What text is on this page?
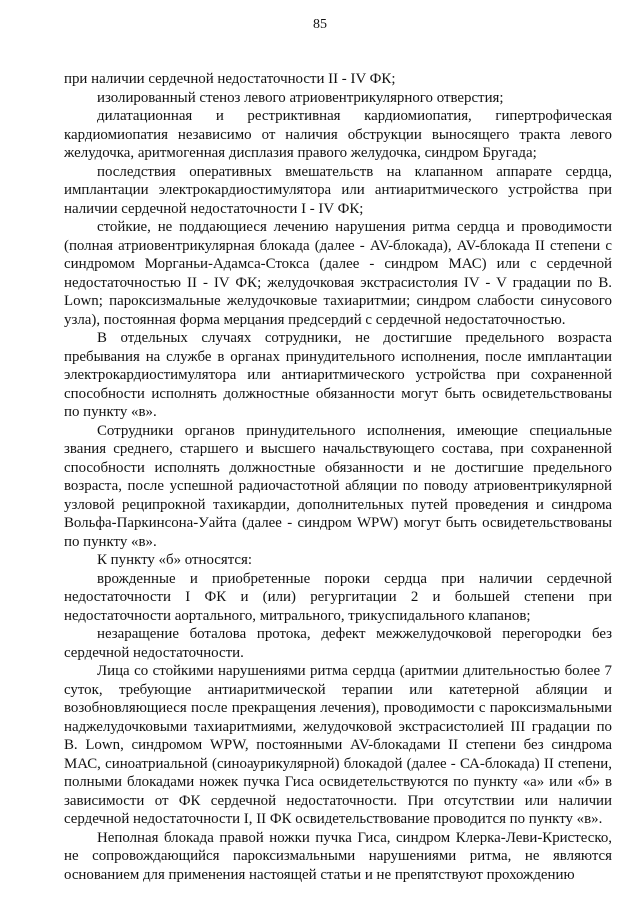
85

при наличии сердечной недостаточности II - IV ФК;

изолированный стеноз левого атриовентрикулярного отверстия;

дилатационная и рестриктивная кардиомиопатия, гипертрофическая кардиомиопатия независимо от наличия обструкции выносящего тракта левого желудочка, аритмогенная дисплазия правого желудочка, синдром Бругада;

последствия оперативных вмешательств на клапанном аппарате сердца, имплантации электрокардиостимулятора или антиаритмического устройства при наличии сердечной недостаточности I - IV ФК;

стойкие, не поддающиеся лечению нарушения ритма сердца и проводимости (полная атриовентрикулярная блокада (далее - AV-блокада), AV-блокада II степени с синдромом Морганьи-Адамса-Стокса (далее - синдром МАС) или с сердечной недостаточностью II - IV ФК; желудочковая экстрасистолия IV - V градации по В. Lown; пароксизмальные желудочковые тахиаритмии; синдром слабости синусового узла), постоянная форма мерцания предсердий с сердечной недостаточностью.

В отдельных случаях сотрудники, не достигшие предельного возраста пребывания на службе в органах принудительного исполнения, после имплантации электрокардиостимулятора или антиаритмического устройства при сохраненной способности исполнять должностные обязанности могут быть освидетельствованы по пункту «в».

Сотрудники органов принудительного исполнения, имеющие специальные звания среднего, старшего и высшего начальствующего состава, при сохраненной способности исполнять должностные обязанности и не достигшие предельного возраста, после успешной радиочастотной абляции по поводу атриовентрикулярной узловой реципрокной тахикардии, дополнительных путей проведения и синдрома Вольфа-Паркинсона-Уайта (далее - синдром WPW) могут быть освидетельствованы по пункту «в».

К пункту «б» относятся:

врожденные и приобретенные пороки сердца при наличии сердечной недостаточности I ФК и (или) регургитации 2 и большей степени при недостаточности аортального, митрального, трикуспидального клапанов;

незаращение боталова протока, дефект межжелудочковой перегородки без сердечной недостаточности.

Лица со стойкими нарушениями ритма сердца (аритмии длительностью более 7 суток, требующие антиаритмической терапии или катетерной абляции и возобновляющиеся после прекращения лечения), проводимости с пароксизмальными наджелудочковыми тахиаритмиями, желудочковой экстрасистолией III градации по В. Lown, синдромом WPW, постоянными AV-блокадами II степени без синдрома МАС, синоатриальной (синоаурикулярной) блокадой (далее - СА-блокада) II степени, полными блокадами ножек пучка Гиса освидетельствуются по пункту «а» или «б» в зависимости от ФК сердечной недостаточности. При отсутствии или наличии сердечной недостаточности I, II ФК освидетельствование проводится по пункту «в».

Неполная блокада правой ножки пучка Гиса, синдром Клерка-Леви-Кристеско, не сопровождающийся пароксизмальными нарушениями ритма, не являются основанием для применения настоящей статьи и не препятствуют прохождению
